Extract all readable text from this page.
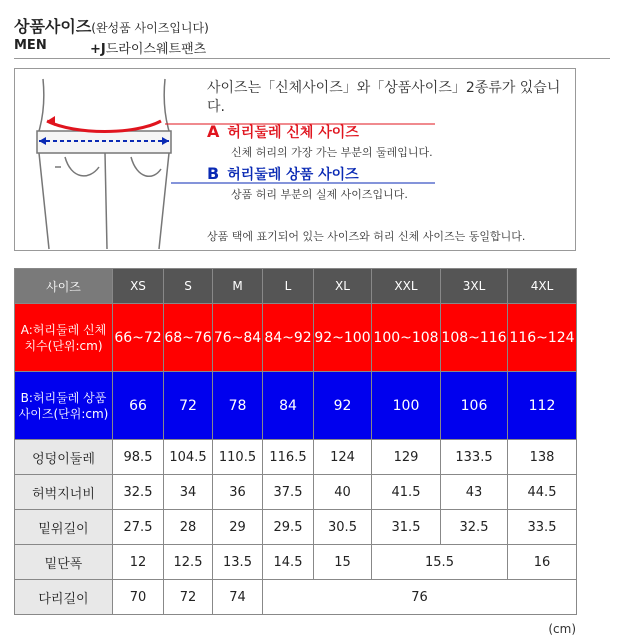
상품사이즈(완성품 사이즈입니다)
MEN	+J드라이스웨트팬츠
사이즈는「신체사이즈」와「상품사이즈」2종류가 있습니다.
A 허리둘레 신체 사이즈
신체 허리의 가장 가는 부분의 둘레입니다.
B 허리둘레 상품 사이즈
상품 허리 부분의 실제 사이즈입니다.
상품 택에 표기되어 있는 사이즈와 허리 신체 사이즈는 동일합니다.
사이즈	XS	S	M	L	XL	XXL	3XL	4XL
A:허리둘레 신체치수(단위:cm)	66~72	68~76	76~84	84~92	92~100	100~108	108~116	116~124
B:허리둘레 상품사이즈(단위:cm)	66	72	78	84	92	100	106	112
엉덩이둘레	98.5	104.5	110.5	116.5	124	129	133.5	138
허벅지너비	32.5	34	36	37.5	40	41.5	43	44.5
밑위길이	27.5	28	29	29.5	30.5	31.5	32.5	33.5
밑단폭	12	12.5	13.5	14.5	15	15.5		16
다리길이	70	72	74	76				
(cm)
